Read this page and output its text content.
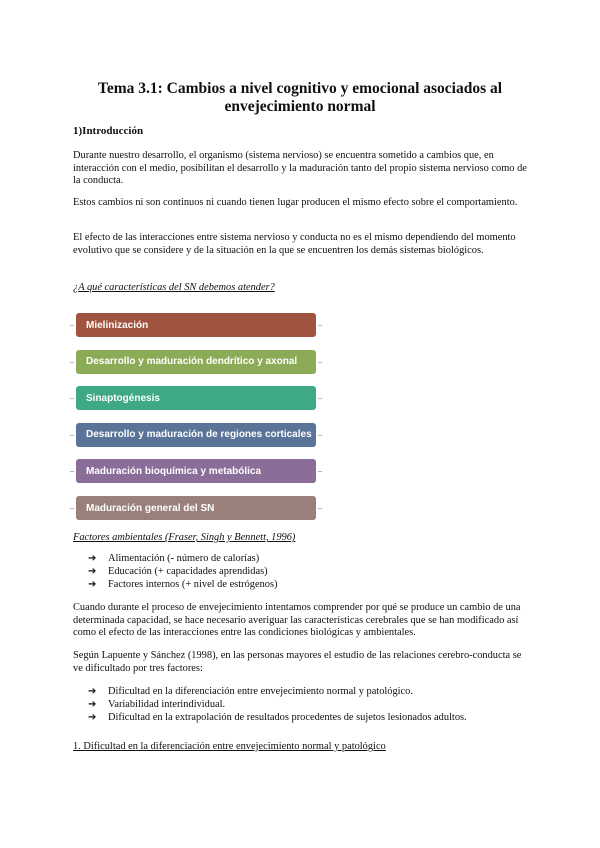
Tema 3.1: Cambios a nivel cognitivo y emocional asociados al envejecimiento normal
1)Introducción

Durante nuestro desarrollo, el organismo (sistema nervioso) se encuentra sometido a cambios que, en interacción con el medio, posibilitan el desarrollo y la maduración tanto del propio sistema nervioso como de la conducta.

Estos cambios ni son continuos ni cuando tienen lugar producen el mismo efecto sobre el comportamiento.

El efecto de las interacciones entre sistema nervioso y conducta no es el mismo dependiendo del momento evolutivo que se considere y de la situación en la que se encuentren los demás sistemas biológicos.

¿A qué características del SN debemos atender?

Mielinización
Desarrollo y maduración dendrítico y axonal
Sinaptogénesis
Desarrollo y maduración de regiones corticales
Maduración bioquímica y metabólica
Maduración general del SN

Factores ambientales (Fraser, Singh y Bennett, 1996)

➔	Alimentación (- número de calorías)
➔	Educación (+ capacidades aprendidas)
➔	Factores internos (+ nivel de estrógenos)

Cuando durante el proceso de envejecimiento intentamos comprender por qué se produce un cambio de una determinada capacidad, se hace necesario averiguar las características cerebrales que se han modificado así como el efecto de las interacciones entre las condiciones biológicas y ambientales.

Según Lapuente y Sánchez (1998), en las personas mayores el estudio de las relaciones cerebro-conducta se ve dificultado por tres factores:

➔	Dificultad en la diferenciación entre envejecimiento normal y patológico.
➔	Variabilidad interindividual.
➔	Dificultad en la extrapolación de resultados procedentes de sujetos lesionados adultos.
1. Dificultad en la diferenciación entre envejecimiento normal y patológico
